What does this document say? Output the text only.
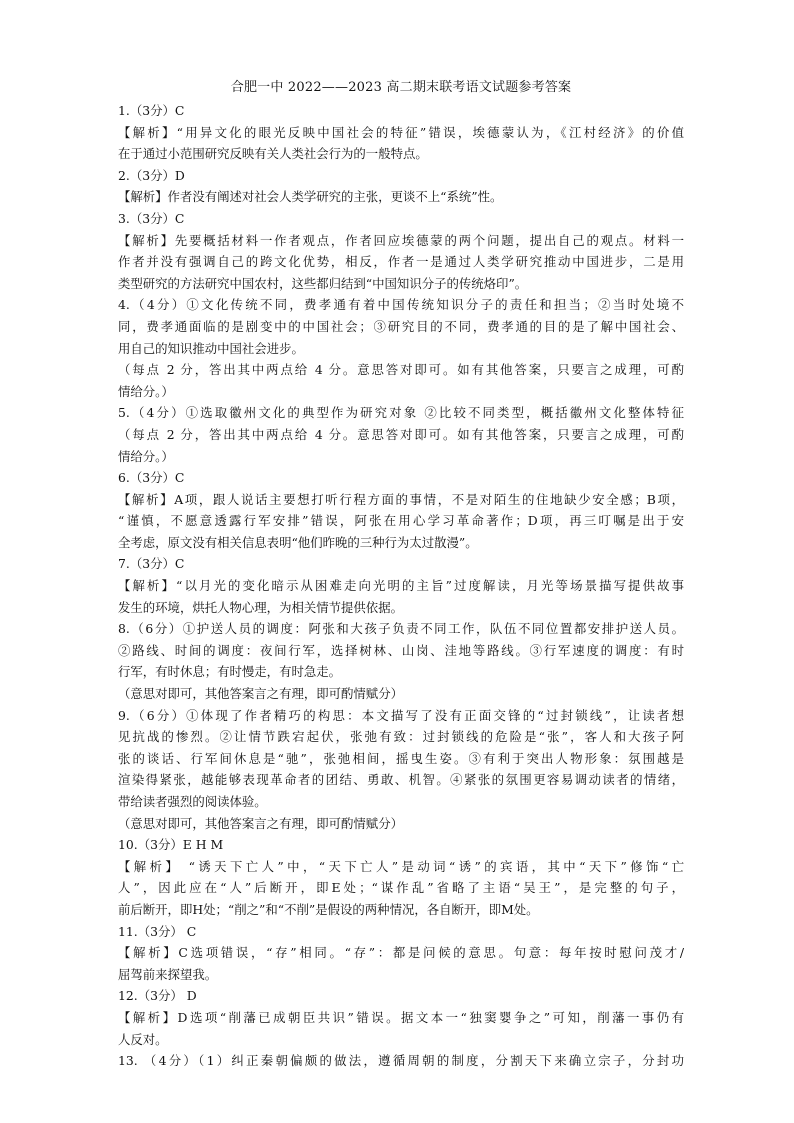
合肥一中 2022——2023 高二期末联考语文试题参考答案

1.（3分）C

【解析】“用异文化的眼光反映中国社会的特征”错误，埃德蒙认为，《江村经济》的价值

在于通过小范围研究反映有关人类社会行为的一般特点。

2.（3分）D

【解析】作者没有阐述对社会人类学研究的主张，更谈不上“系统”性。

3.（3分）C

【解析】先要概括材料一作者观点，作者回应埃德蒙的两个问题，提出自己的观点。材料一

作者并没有强调自己的跨文化优势，相反，作者一是通过人类学研究推动中国进步，二是用

类型研究的方法研究中国农村，这些都归结到“中国知识分子的传统烙印”。

4.（4分）①文化传统不同，费孝通有着中国传统知识分子的责任和担当；②当时处境不

同，费孝通面临的是剧变中的中国社会；③研究目的不同，费孝通的目的是了解中国社会、

用自己的知识推动中国社会进步。

（每点 2 分，答出其中两点给 4 分。意思答对即可。如有其他答案，只要言之成理，可酌

情给分。）

5.（4分）①选取徽州文化的典型作为研究对象 ②比较不同类型，概括徽州文化整体特征

（每点 2 分，答出其中两点给 4 分。意思答对即可。如有其他答案，只要言之成理，可酌

情给分。）

6.（3分）C

【解析】A项，跟人说话主要想打听行程方面的事情，不是对陌生的住地缺少安全感；B项，

“谨慎，不愿意透露行军安排”错误，阿张在用心学习革命著作；D项，再三叮嘱是出于安

全考虑，原文没有相关信息表明“他们昨晚的三种行为太过散漫”。

7.（3分）C

【解析】“以月光的变化暗示从困难走向光明的主旨”过度解读，月光等场景描写提供故事

发生的环境，烘托人物心理，为相关情节提供依据。

8.（6分）①护送人员的调度：阿张和大孩子负责不同工作，队伍不同位置都安排护送人员。

②路线、时间的调度：夜间行军，选择树林、山岗、洼地等路线。③行军速度的调度：有时

行军，有时休息；有时慢走，有时急走。

（意思对即可，其他答案言之有理，即可酌情赋分）

9.（6分）①体现了作者精巧的构思：本文描写了没有正面交锋的“过封锁线”，让读者想

见抗战的惨烈。②让情节跌宕起伏，张弛有致：过封锁线的危险是“张”，客人和大孩子阿

张的谈话、行军间休息是“驰”，张弛相间，摇曳生姿。③有利于突出人物形象：氛围越是

渲染得紧张，越能够表现革命者的团结、勇敢、机智。④紧张的氛围更容易调动读者的情绪，

带给读者强烈的阅读体验。

（意思对即可，其他答案言之有理，即可酌情赋分）

10.（3分）E H M

【解析】 “诱天下亡人”中，“天下亡人”是动词“诱”的宾语，其中“天下”修饰“亡

人”，因此应在“人”后断开，即E处；“谋作乱”省略了主语“吴王”，是完整的句子，

前后断开，即H处；“削之”和“不削”是假设的两种情况，各自断开，即M处。

11.（3分） C

【解析】C选项错误，“存”相同。“存”：都是问候的意思。句意：每年按时慰问茂才/

屈驾前来探望我。

12.（3分） D

【解析】D选项“削藩已成朝臣共识”错误。据文本一“独窦婴争之”可知，削藩一事仍有

人反对。

13. （4分）（1）纠正秦朝偏颇的做法，遵循周朝的制度，分割天下来确立宗子，分封功
